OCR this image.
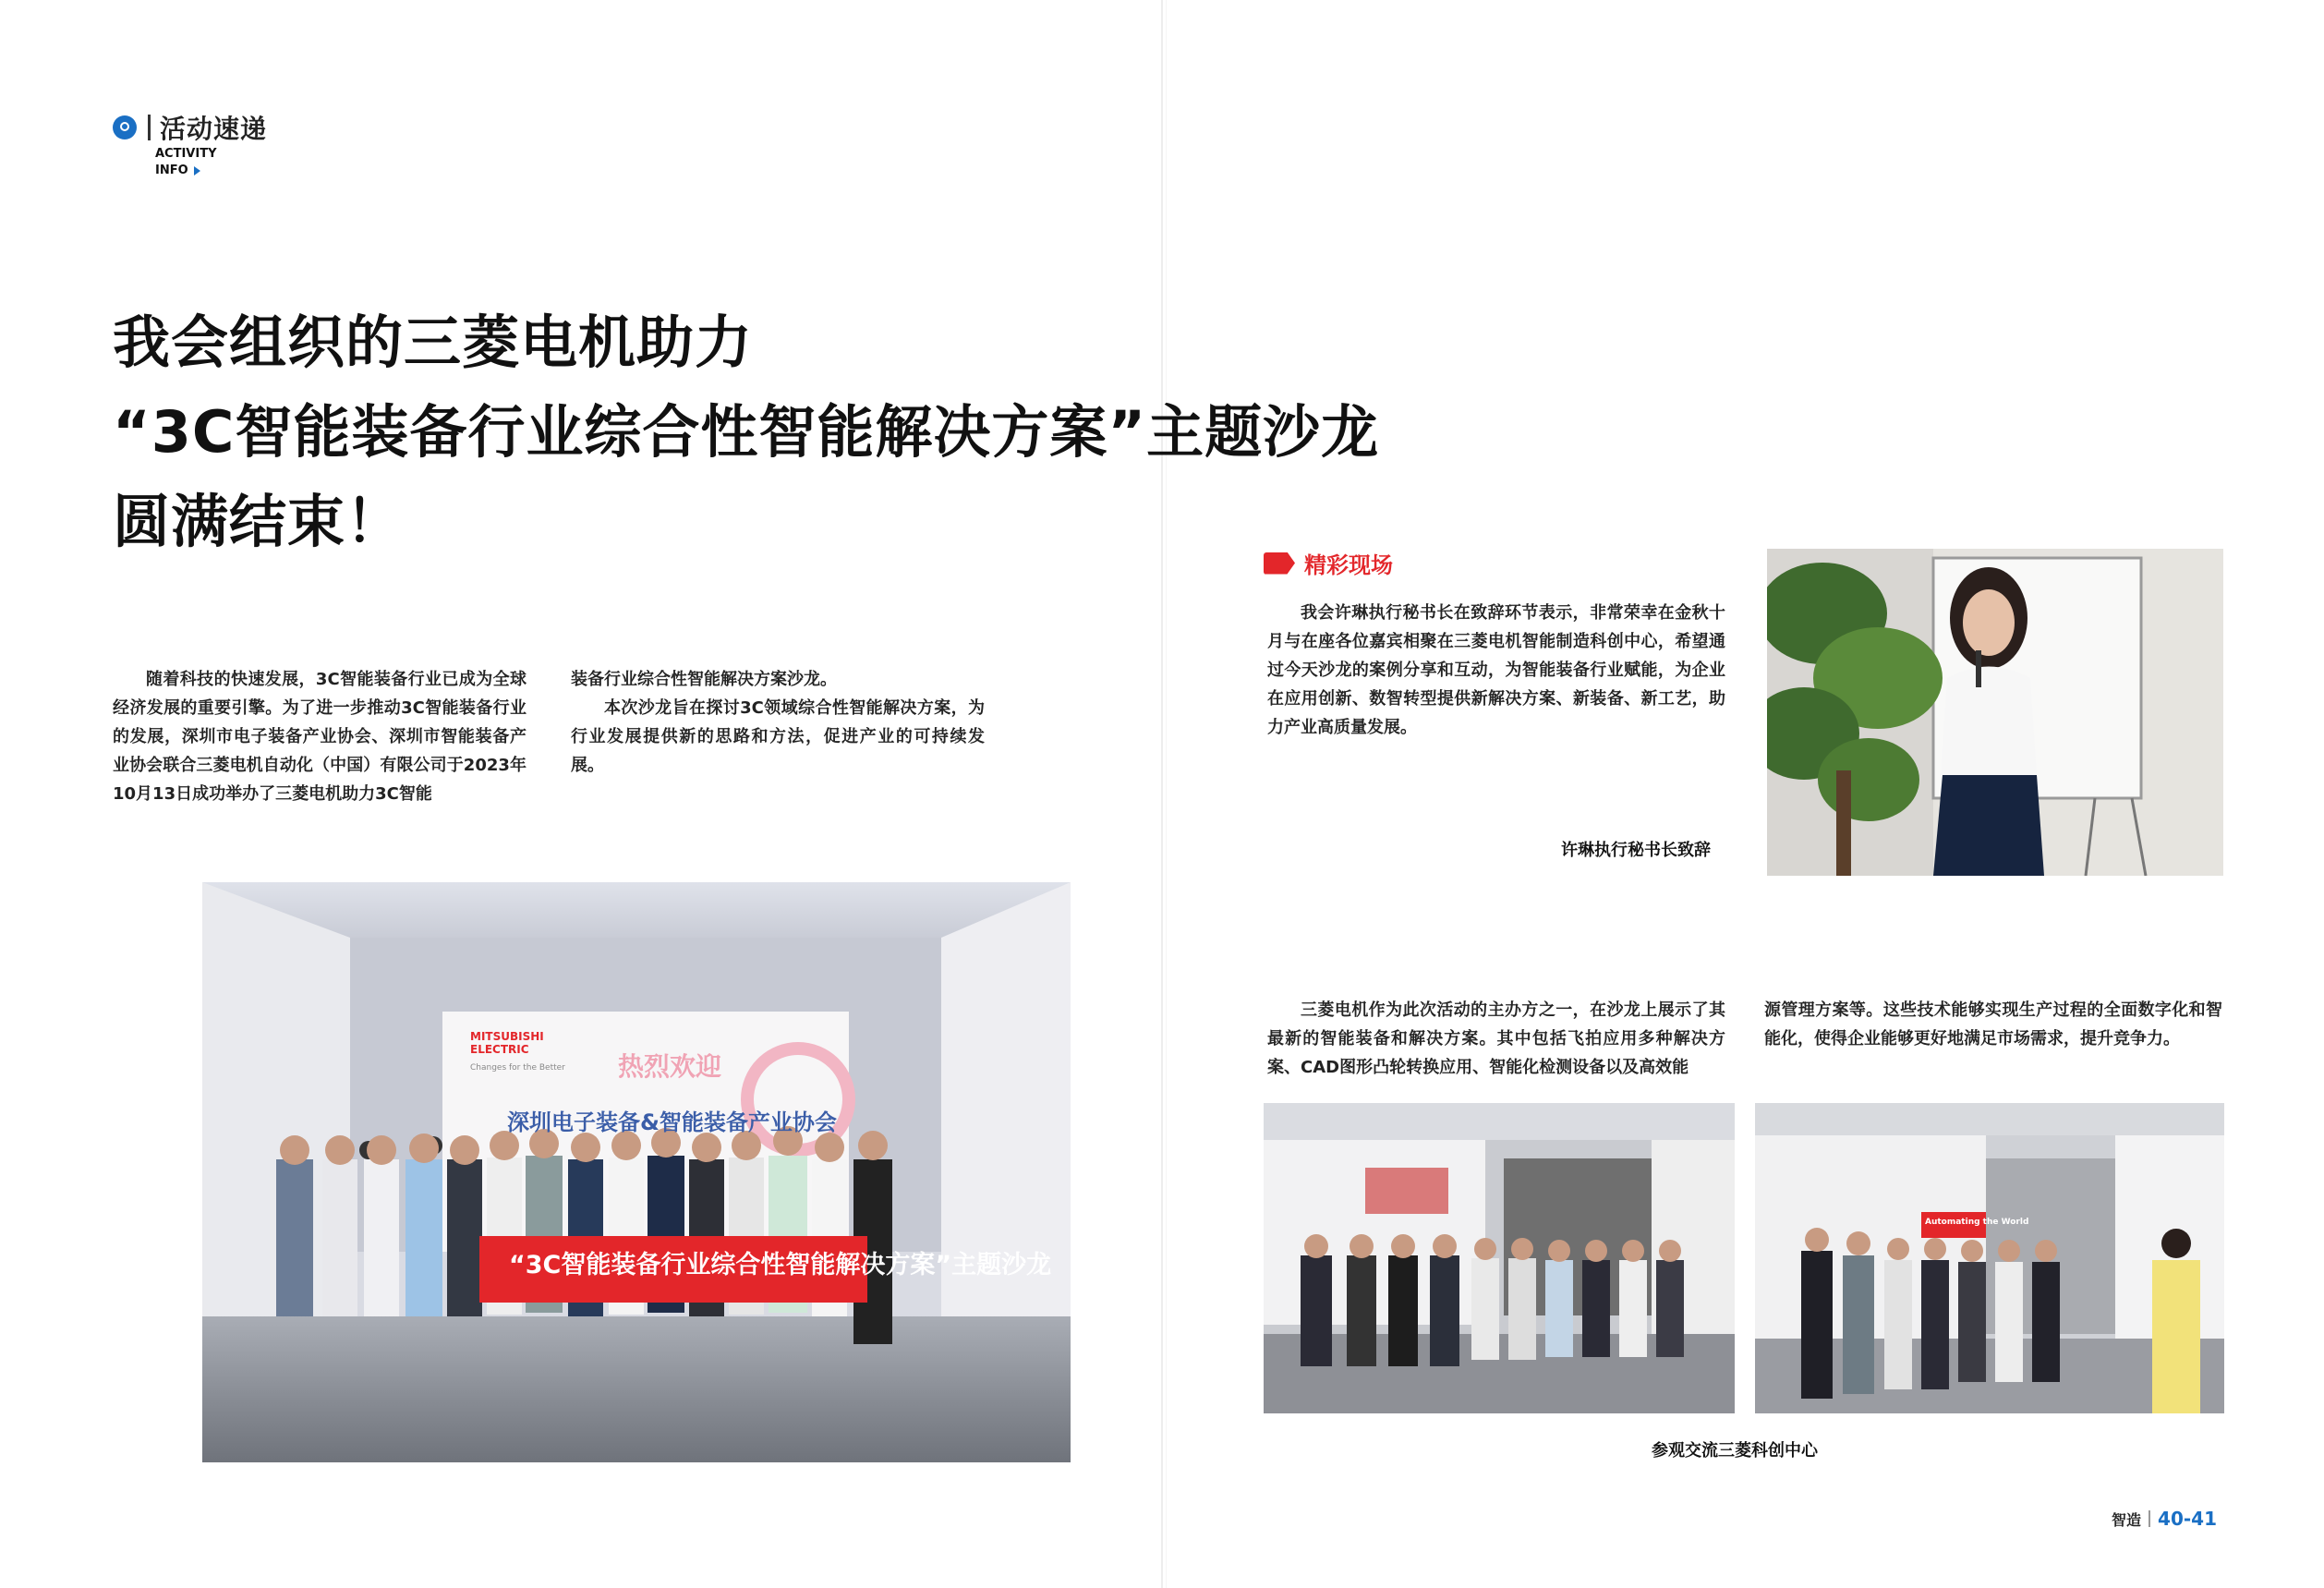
活动速递
ACTIVITY
INFO
我会组织的三菱电机助力
“3C智能装备行业综合性智能解决方案”主题沙龙
圆满结束！

随着科技的快速发展，3C智能装备行业已成为全球经济发展的重要引擎。为了进一步推动3C智能装备行业的发展，深圳市电子装备产业协会、深圳市智能装备产业协会联合三菱电机自动化（中国）有限公司于2023年10月13日成功举办了三菱电机助力3C智能

装备行业综合性智能解决方案沙龙。

本次沙龙旨在探讨3C领域综合性智能解决方案，为行业发展提供新的思路和方法，促进产业的可持续发展。

“3C智能装备行业综合性智能解决方案”主题沙龙
热烈欢迎
MITSUBISHI ELECTRIC
Changes for the Better
深圳电子装备&智能装备产业协会
精彩现场

我会许琳执行秘书长在致辞环节表示，非常荣幸在金秋十月与在座各位嘉宾相聚在三菱电机智能制造科创中心，希望通过今天沙龙的案例分享和互动，为智能装备行业赋能，为企业在应用创新、数智转型提供新解决方案、新装备、新工艺，助力产业高质量发展。

许琳执行秘书长致辞

三菱电机作为此次活动的主办方之一，在沙龙上展示了其最新的智能装备和解决方案。其中包括飞拍应用多种解决方案、CAD图形凸轮转换应用、智能化检测设备以及高效能

源管理方案等。这些技术能够实现生产过程的全面数字化和智能化，使得企业能够更好地满足市场需求，提升竞争力。

Automating the World
参观交流三菱科创中心
智造 40-41
